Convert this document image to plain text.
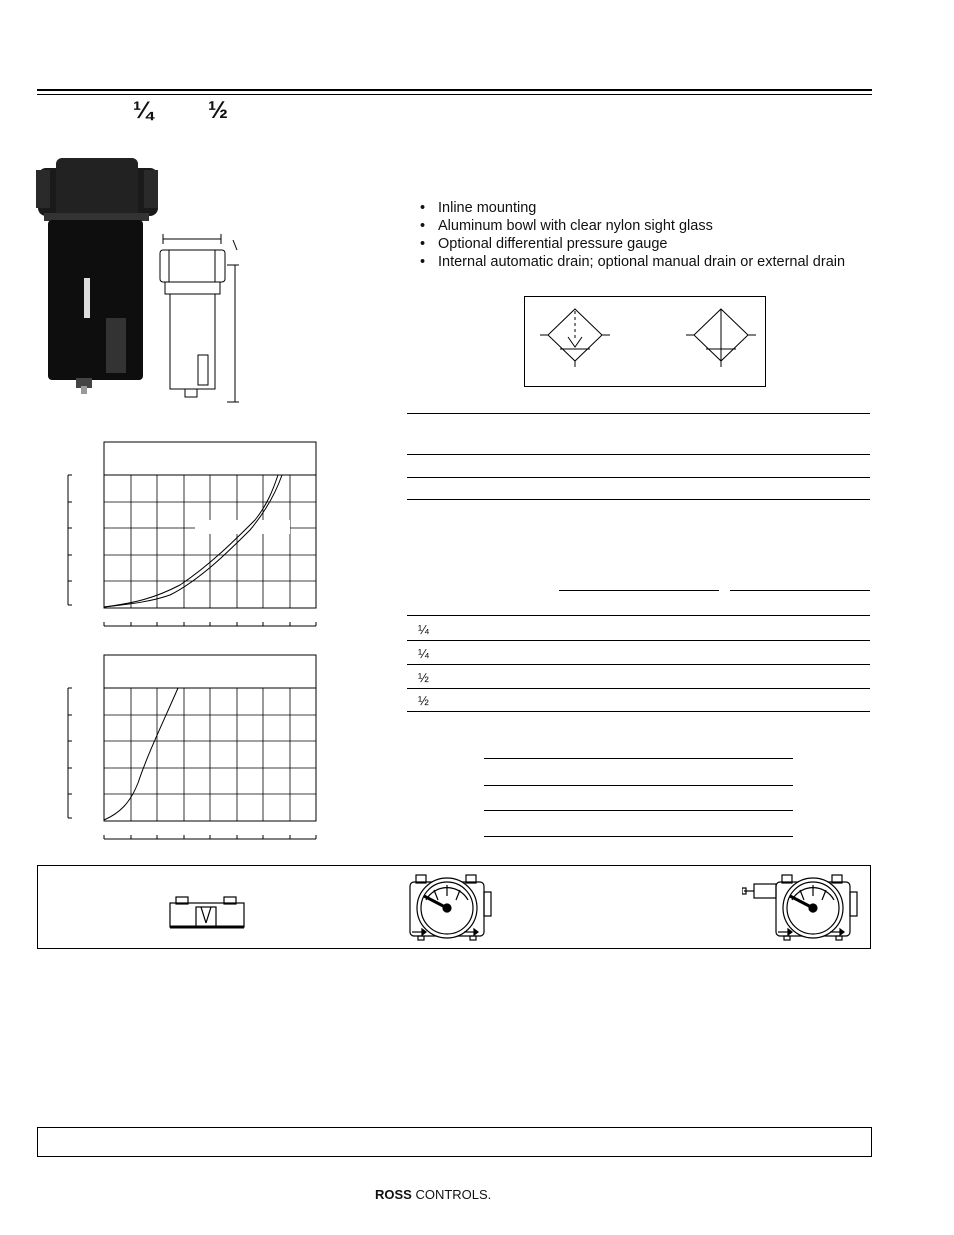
¼ ½
• Inline mounting
• Aluminum bowl with clear nylon sight glass
• Optional differential pressure gauge
• Internal automatic drain; optional manual drain or external drain
¼
¼
½
½
ROSS CONTROLS.
